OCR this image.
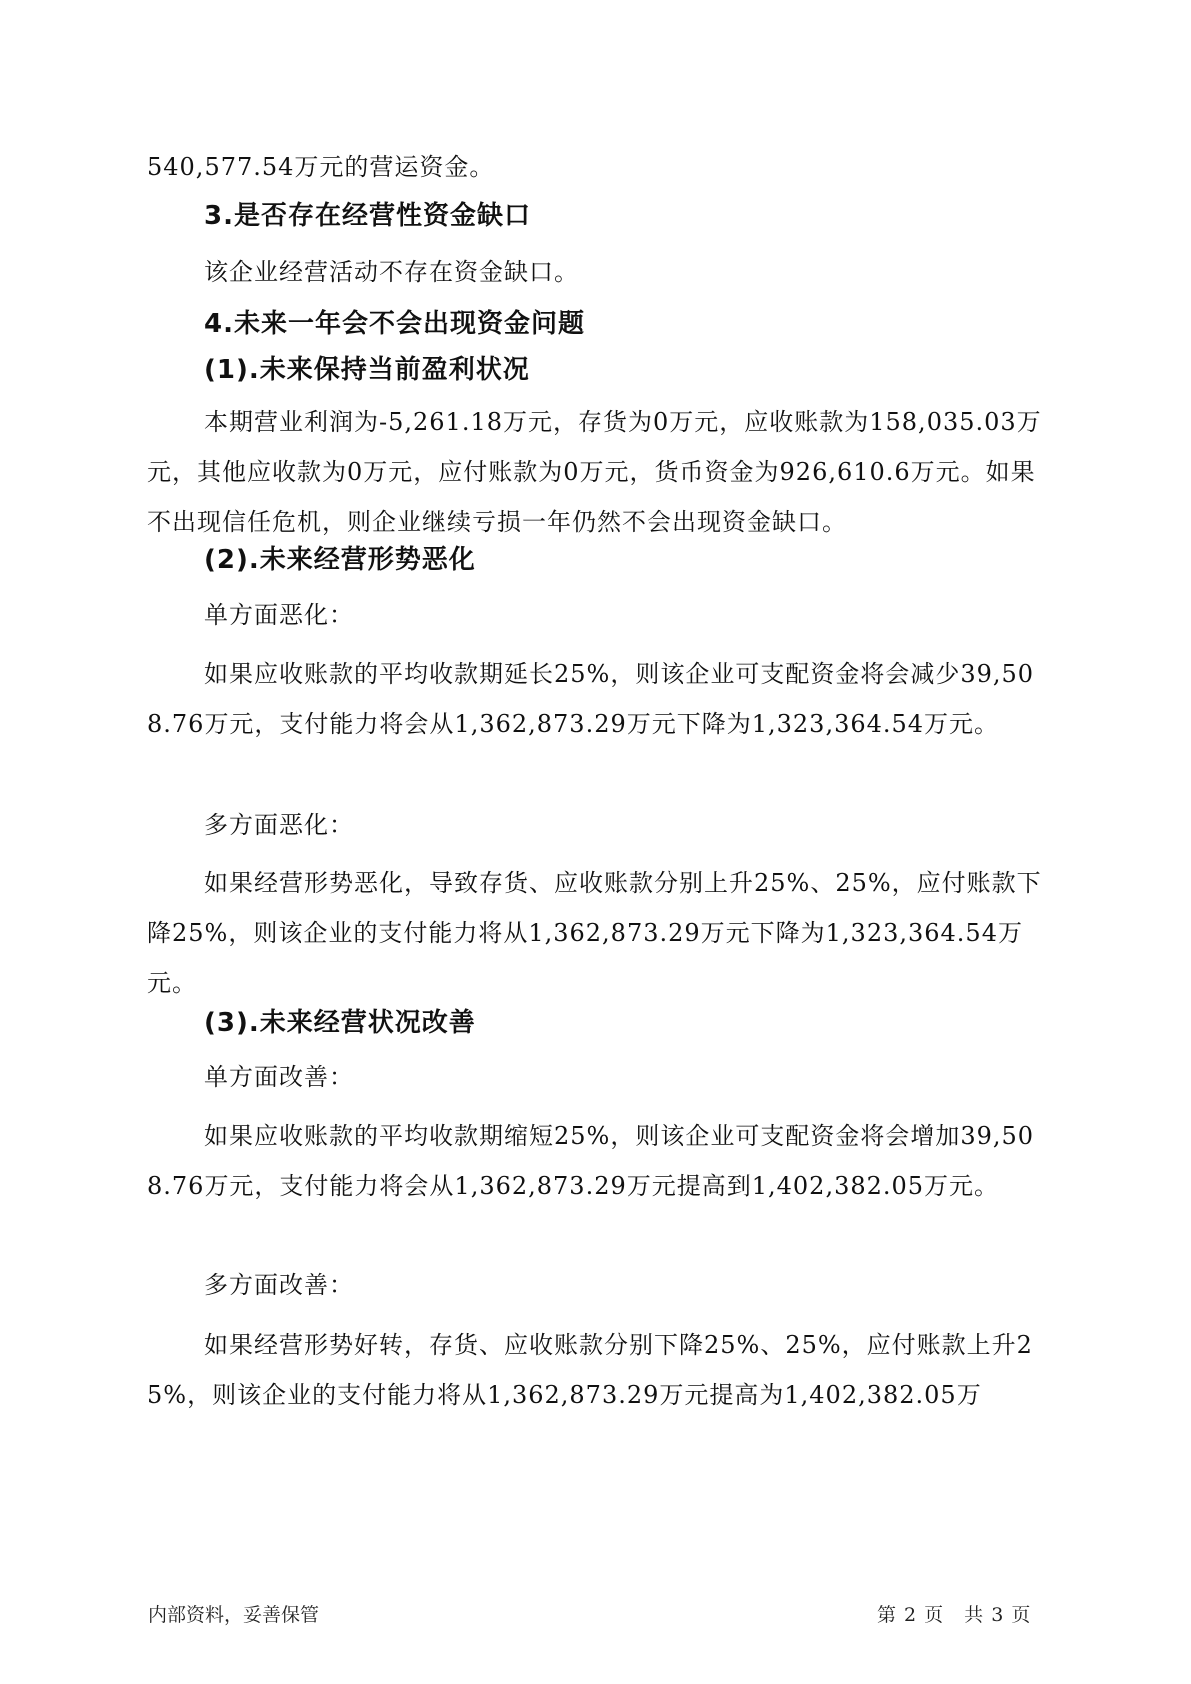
540,577.54万元的营运资金。

3.是否存在经营性资金缺口

该企业经营活动不存在资金缺口。

4.未来一年会不会出现资金问题
(1).未来保持当前盈利状况

本期营业利润为-5,261.18万元，存货为0万元，应收账款为158,035.03万元，其他应收款为0万元，应付账款为0万元，货币资金为926,610.6万元。如果不出现信任危机，则企业继续亏损一年仍然不会出现资金缺口。

(2).未来经营形势恶化

单方面恶化：

如果应收账款的平均收款期延长25%，则该企业可支配资金将会减少39,508.76万元，支付能力将会从1,362,873.29万元下降为1,323,364.54万元。

多方面恶化：

如果经营形势恶化，导致存货、应收账款分别上升25%、25%，应付账款下降25%，则该企业的支付能力将从1,362,873.29万元下降为1,323,364.54万元。

(3).未来经营状况改善

单方面改善：

如果应收账款的平均收款期缩短25%，则该企业可支配资金将会增加39,508.76万元，支付能力将会从1,362,873.29万元提高到1,402,382.05万元。

多方面改善：

如果经营形势好转，存货、应收账款分别下降25%、25%，应付账款上升25%，则该企业的支付能力将从1,362,873.29万元提高为1,402,382.05万

内部资料，妥善保管	第 2 页　共 3 页
